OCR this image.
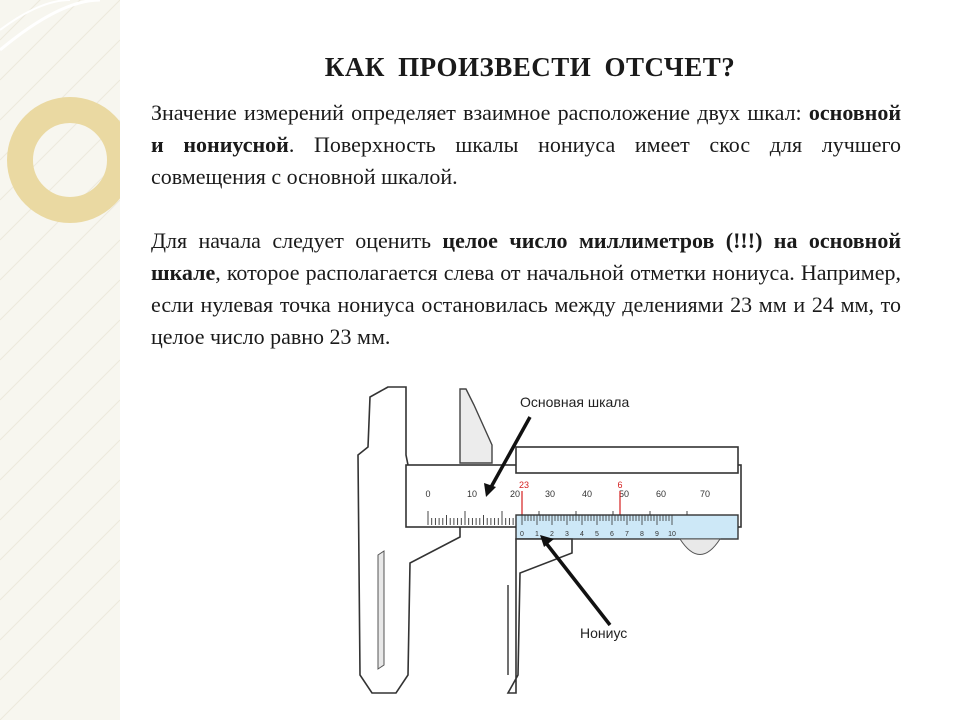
КАК ПРОИЗВЕСТИ ОТСЧЕТ?
Значение измерений определяет взаимное расположение двух шкал: основной и нониусной. Поверхность шкалы нониуса имеет скос для лучшего совмещения с основной шкалой.
Для начала следует оценить целое число миллиметров (!!!) на основной шкале, которое располагается слева от начальной отметки нониуса. Например, если нулевая точка нониуса остановилась между делениями 23 мм и 24 мм, то целое число равно 23 мм.
0	10	20	30	40	50	60	70
23	6
0 1 2 3 4 5 6 7 8 9 10
Основная шкала
Нониус
